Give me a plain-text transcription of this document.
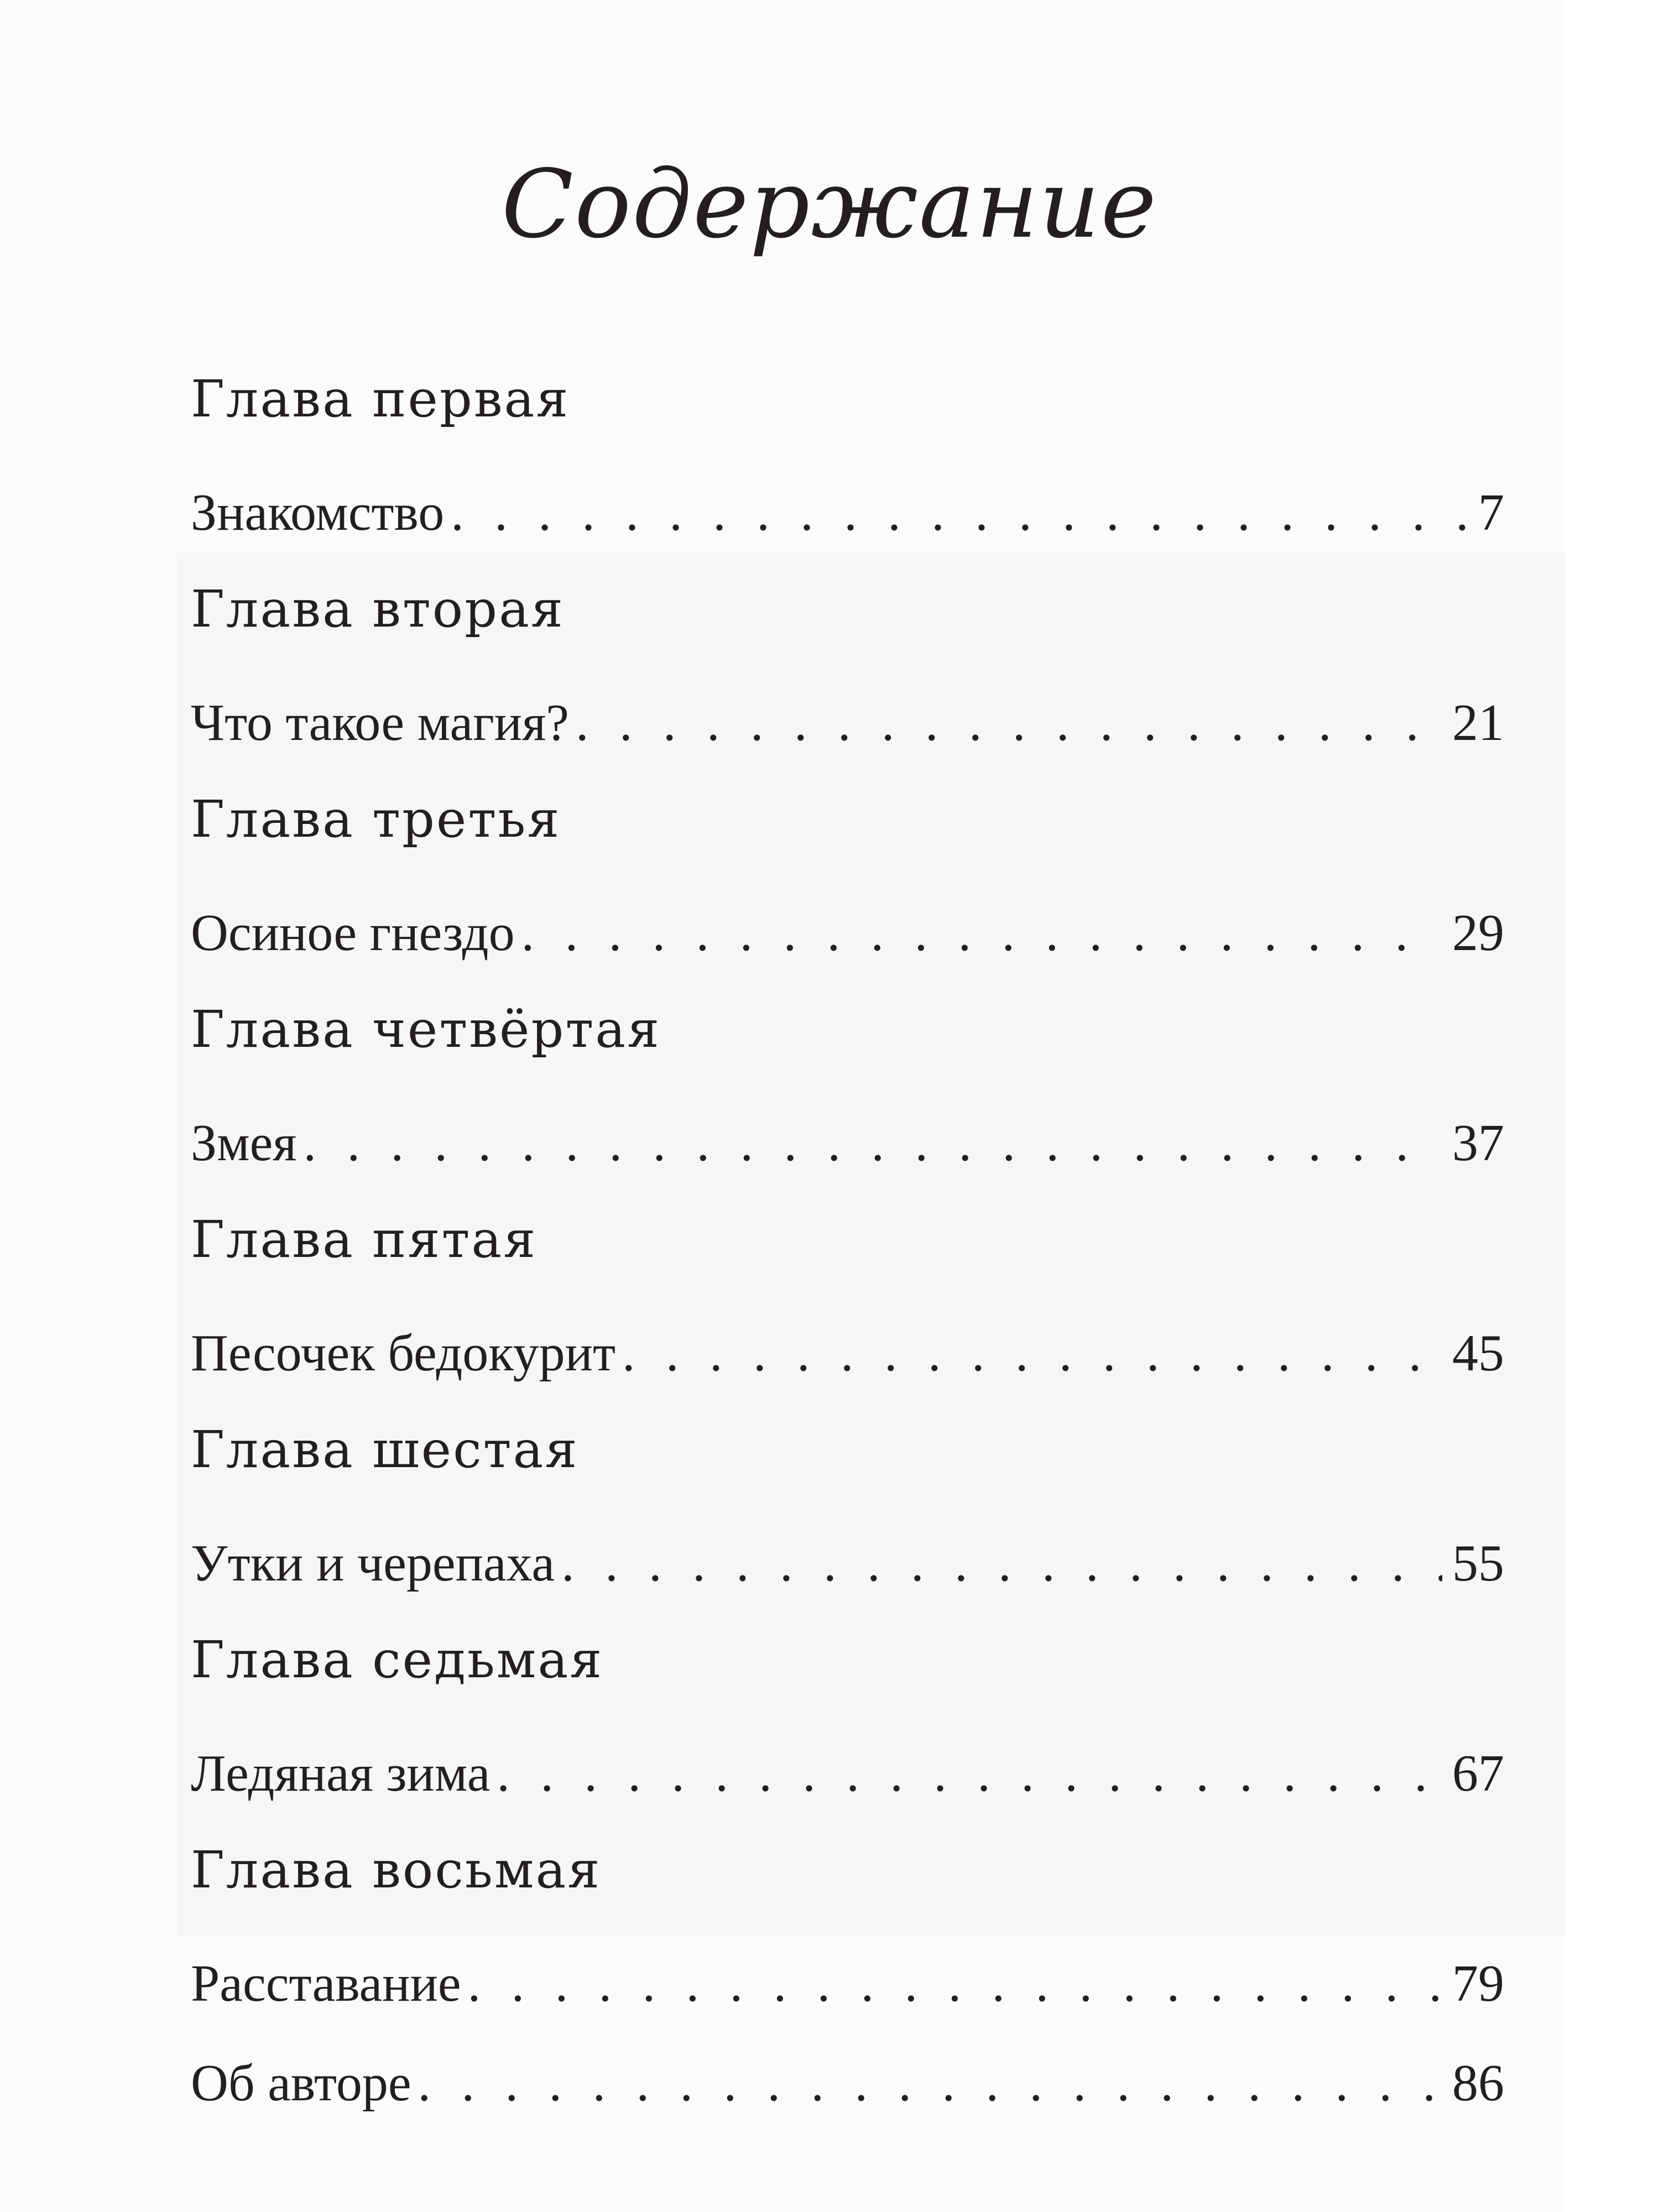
Содержание
Глава первая
Знакомство . . .	7
Глава вторая
Что такое магия? . . .	21
Глава третья
Осиное гнездо . . .	29
Глава четвёртая
Змея . . .	37
Глава пятая
Песочек бедокурит . . .	45
Глава шестая
Утки и черепаха . . .	55
Глава седьмая
Ледяная зима . . .	67
Глава восьмая
Расставание . . .	79
Об авторе . . .	86
